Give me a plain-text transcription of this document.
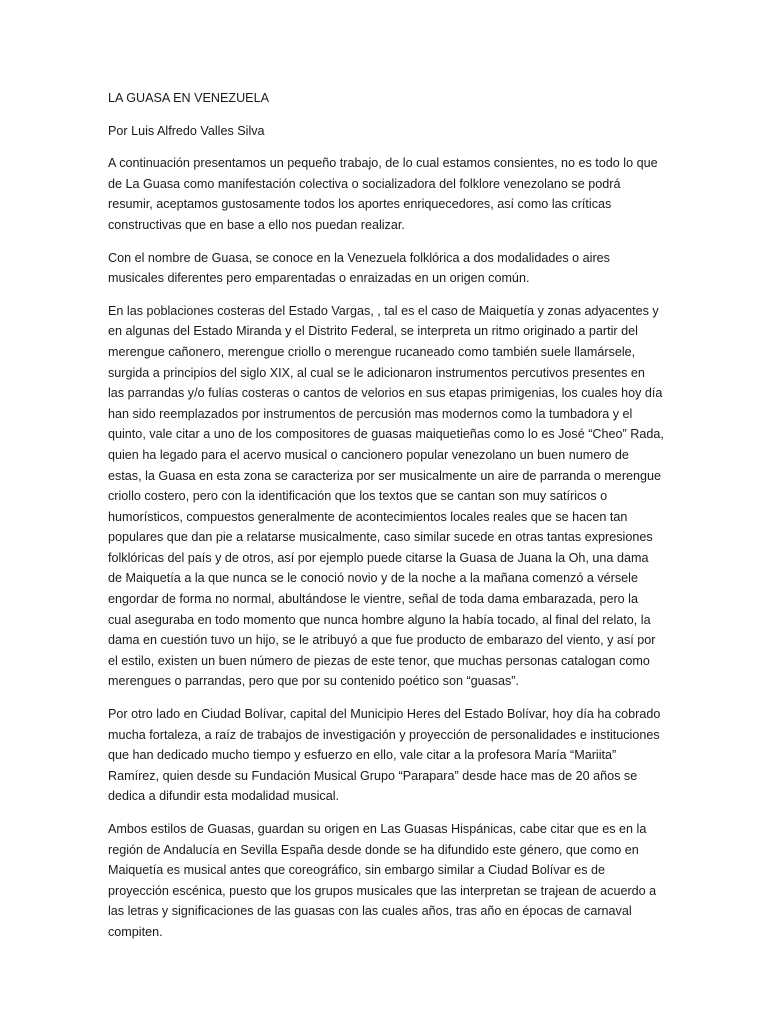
LA GUASA EN VENEZUELA

Por Luis Alfredo Valles Silva

A continuación presentamos un pequeño trabajo, de lo cual estamos consientes, no es todo lo que de La Guasa como manifestación colectiva o socializadora del folklore venezolano se podrá resumir, aceptamos gustosamente todos los aportes enriquecedores, así como las críticas constructivas que en base a ello nos puedan realizar.

Con el nombre de Guasa, se conoce en la Venezuela folklórica a dos modalidades o aires musicales diferentes pero emparentadas o enraizadas en un origen común.

En las poblaciones costeras del Estado Vargas, , tal es el caso de Maiquetía y zonas adyacentes y en algunas del Estado Miranda y el Distrito Federal, se interpreta un ritmo originado a partir del merengue cañonero, merengue criollo o merengue rucaneado como también suele llamársele, surgida a principios del siglo XIX, al cual se le adicionaron instrumentos percutivos presentes en las parrandas y/o fulías costeras o cantos de velorios en sus etapas primigenias, los cuales hoy día han sido reemplazados por instrumentos de percusión mas modernos como la tumbadora y el quinto, vale citar a uno de los compositores de guasas maiquetieñas como lo es José “Cheo” Rada, quien ha legado para el acervo musical o cancionero popular venezolano un buen numero de estas, la Guasa en esta zona se caracteriza por ser musicalmente un aire de parranda o merengue criollo costero, pero con la identificación que los textos que se cantan son muy satíricos o humorísticos, compuestos generalmente de acontecimientos locales reales que se hacen tan populares que dan pie a relatarse musicalmente, caso similar sucede en otras tantas expresiones folklóricas del país y de otros, así por ejemplo puede citarse la Guasa de Juana la Oh, una dama de Maiquetía a la que nunca se le conoció novio y de la noche a la mañana comenzó a vérsele engordar de forma no normal, abultándose le vientre, señal de toda dama embarazada, pero la cual aseguraba en todo momento que nunca hombre alguno la había tocado, al final del relato, la dama en cuestión tuvo un hijo, se le atribuyó a que fue producto de embarazo del viento, y así por el estilo, existen un buen número de piezas de este tenor, que muchas personas catalogan como merengues o parrandas, pero que por su contenido poético son “guasas”.

Por otro lado en Ciudad Bolívar, capital del Municipio Heres del Estado Bolívar, hoy día ha cobrado mucha fortaleza, a raíz de trabajos de investigación y proyección de personalidades e instituciones que han dedicado mucho tiempo y esfuerzo en ello, vale citar a la profesora María “Mariita” Ramírez, quien desde su Fundación Musical Grupo “Parapara” desde hace mas de 20 años se dedica a difundir esta modalidad musical.

Ambos estilos de Guasas, guardan su origen en Las Guasas Hispánicas, cabe citar que es en la región de Andalucía en Sevilla España desde donde se ha difundido este género, que como en Maiquetía es musical antes que coreográfico, sin embargo similar a Ciudad Bolívar es de proyección escénica, puesto que los grupos musicales que las interpretan se trajean de acuerdo a las letras y significaciones de las guasas con las cuales años, tras año en épocas de carnaval compiten.
